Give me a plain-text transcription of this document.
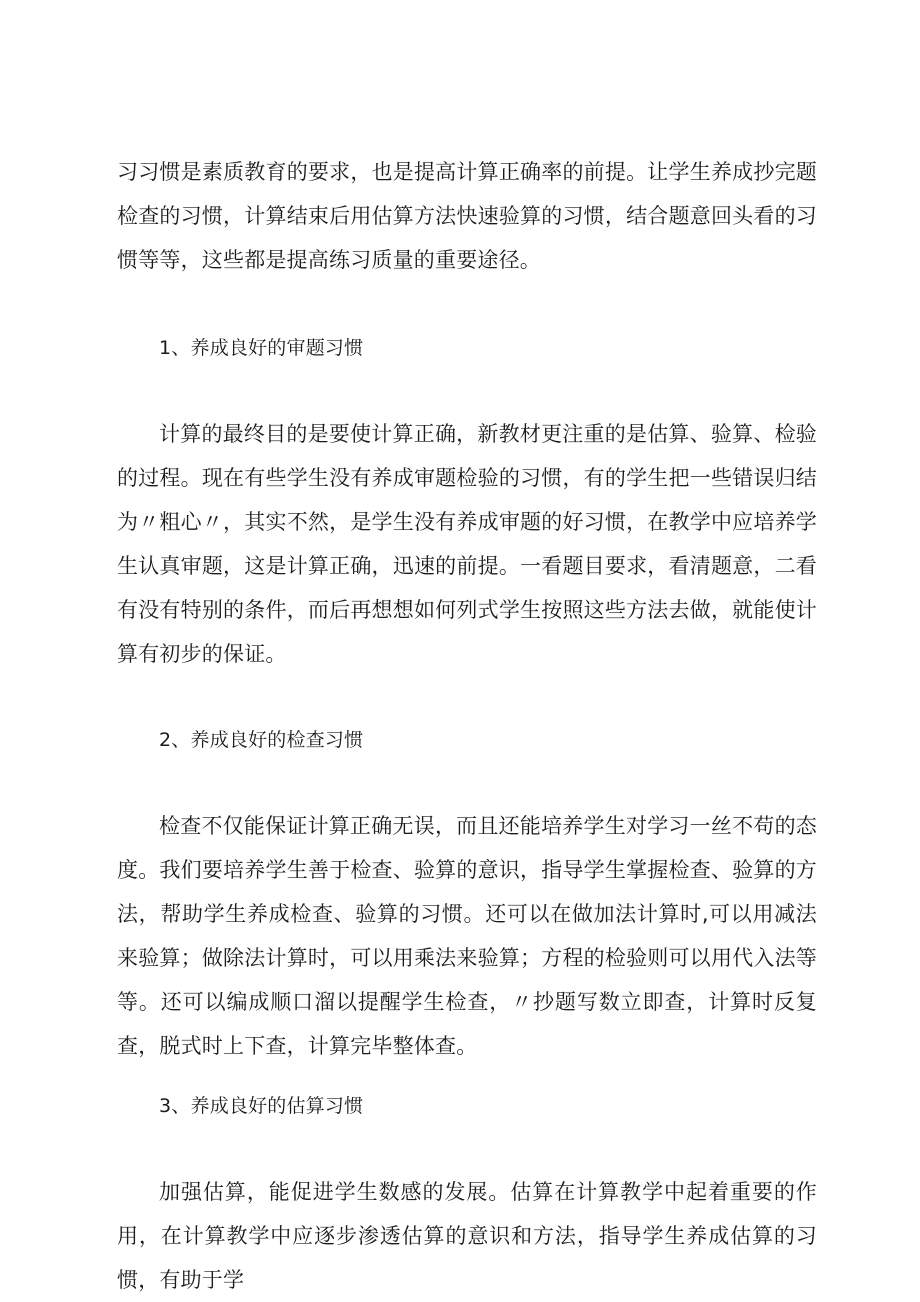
习习惯是素质教育的要求，也是提高计算正确率的前提。让学生养成抄完题检查的习惯，计算结束后用估算方法快速验算的习惯，结合题意回头看的习惯等等，这些都是提高练习质量的重要途径。

1、养成良好的审题习惯

计算的最终目的是要使计算正确，新教材更注重的是估算、验算、检验的过程。现在有些学生没有养成审题检验的习惯，有的学生把一些错误归结为〃粗心〃，其实不然，是学生没有养成审题的好习惯，在教学中应培养学生认真审题，这是计算正确，迅速的前提。一看题目要求，看清题意，二看有没有特别的条件，而后再想想如何列式学生按照这些方法去做，就能使计算有初步的保证。

2、养成良好的检查习惯

检查不仅能保证计算正确无误，而且还能培养学生对学习一丝不苟的态度。我们要培养学生善于检查、验算的意识，指导学生掌握检查、验算的方法，帮助学生养成检查、验算的习惯。还可以在做加法计算时,可以用减法来验算；做除法计算时，可以用乘法来验算；方程的检验则可以用代入法等等。还可以编成顺口溜以提醒学生检查，〃抄题写数立即查，计算时反复查，脱式时上下查，计算完毕整体查。

3、养成良好的估算习惯

加强估算，能促进学生数感的发展。估算在计算教学中起着重要的作用，在计算教学中应逐步渗透估算的意识和方法，指导学生养成估算的习惯，有助于学
